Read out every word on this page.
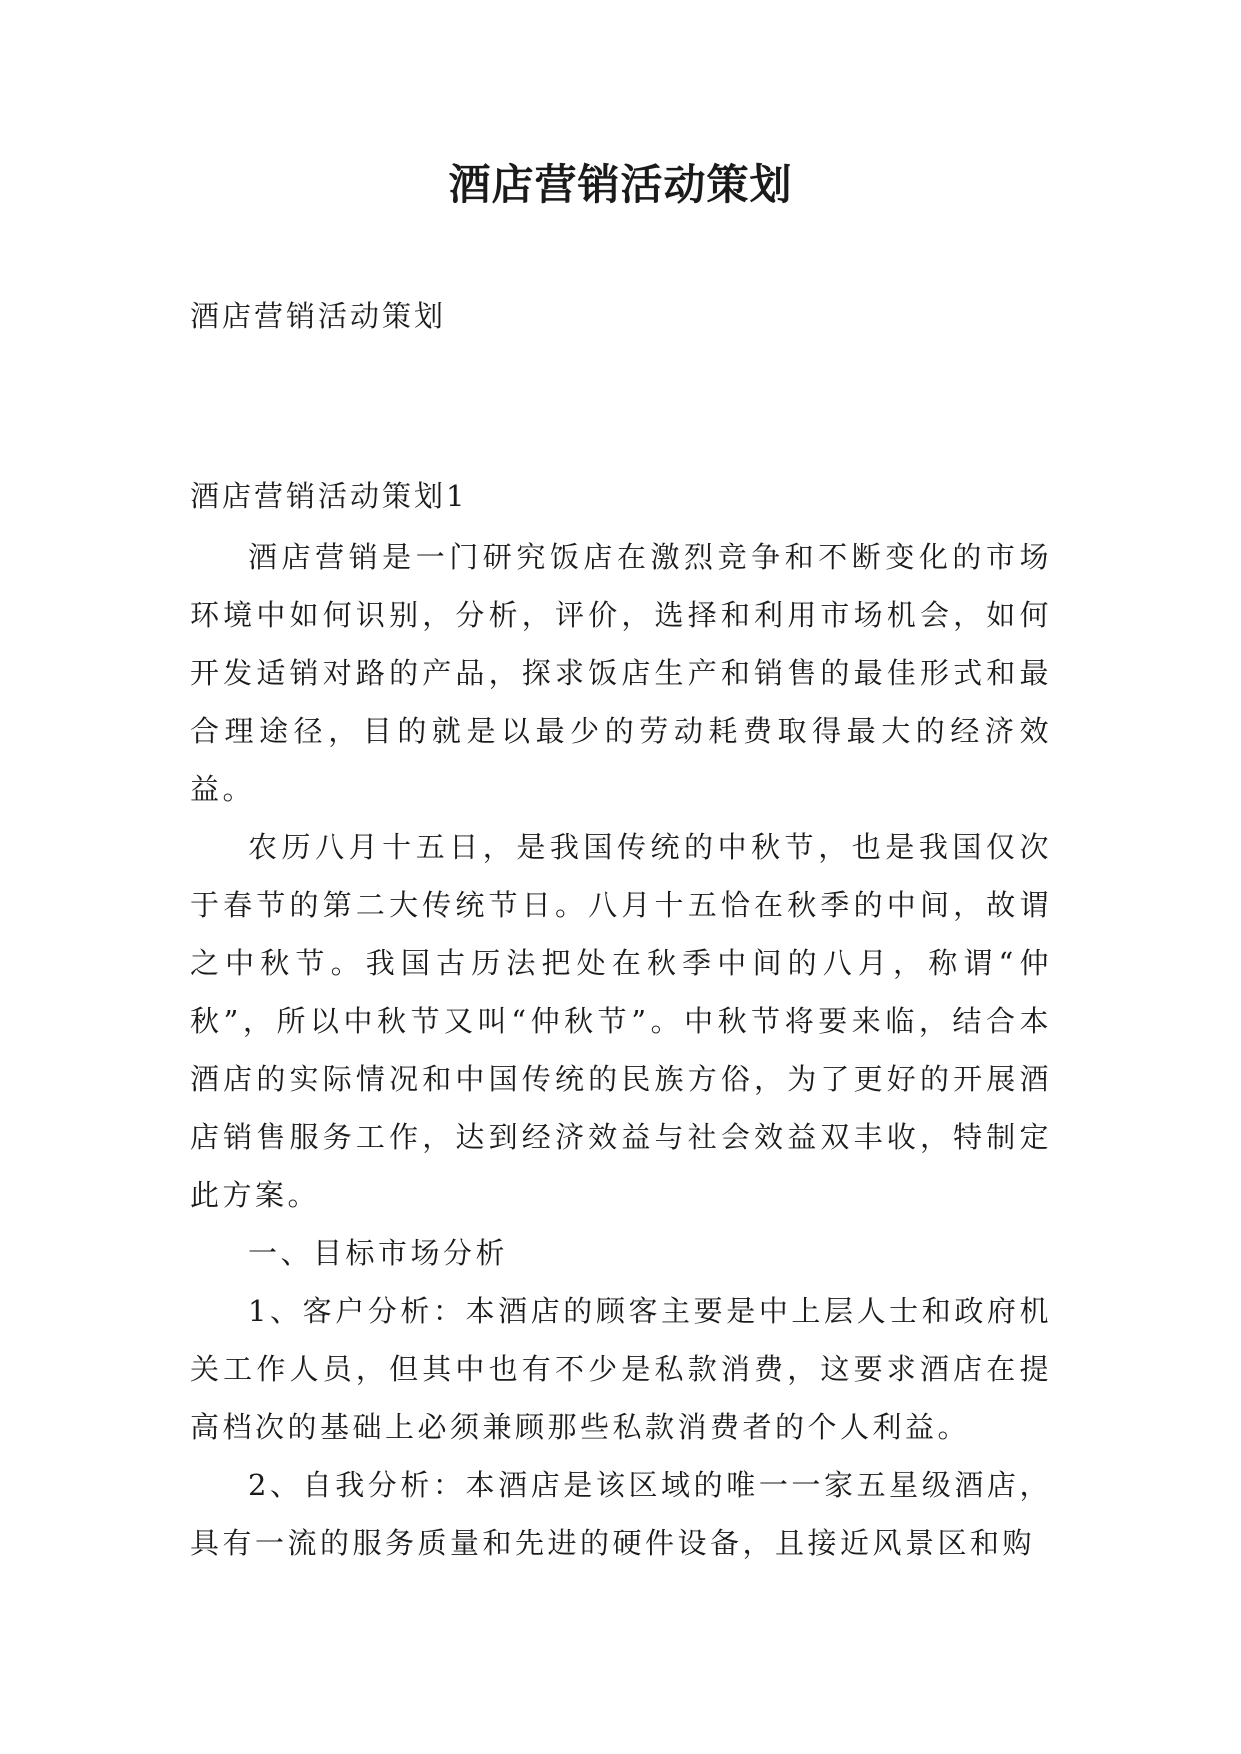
酒店营销活动策划
酒店营销活动策划
酒店营销活动策划1

酒店营销是一门研究饭店在激烈竞争和不断变化的市场环境中如何识别，分析，评价，选择和利用市场机会，如何开发适销对路的产品，探求饭店生产和销售的最佳形式和最合理途径，目的就是以最少的劳动耗费取得最大的经济效益。

农历八月十五日，是我国传统的中秋节，也是我国仅次于春节的第二大传统节日。八月十五恰在秋季的中间，故谓之中秋节。我国古历法把处在秋季中间的八月，称谓“仲秋”，所以中秋节又叫“仲秋节”。中秋节将要来临，结合本酒店的实际情况和中国传统的民族方俗，为了更好的开展酒店销售服务工作，达到经济效益与社会效益双丰收，特制定此方案。

一、目标市场分析

1、客户分析：本酒店的顾客主要是中上层人士和政府机关工作人员，但其中也有不少是私款消费，这要求酒店在提高档次的基础上必须兼顾那些私款消费者的个人利益。

2、自我分析：本酒店是该区域的唯一一家五星级酒店，具有一流的服务质量和先进的硬件设备，且接近风景区和购
